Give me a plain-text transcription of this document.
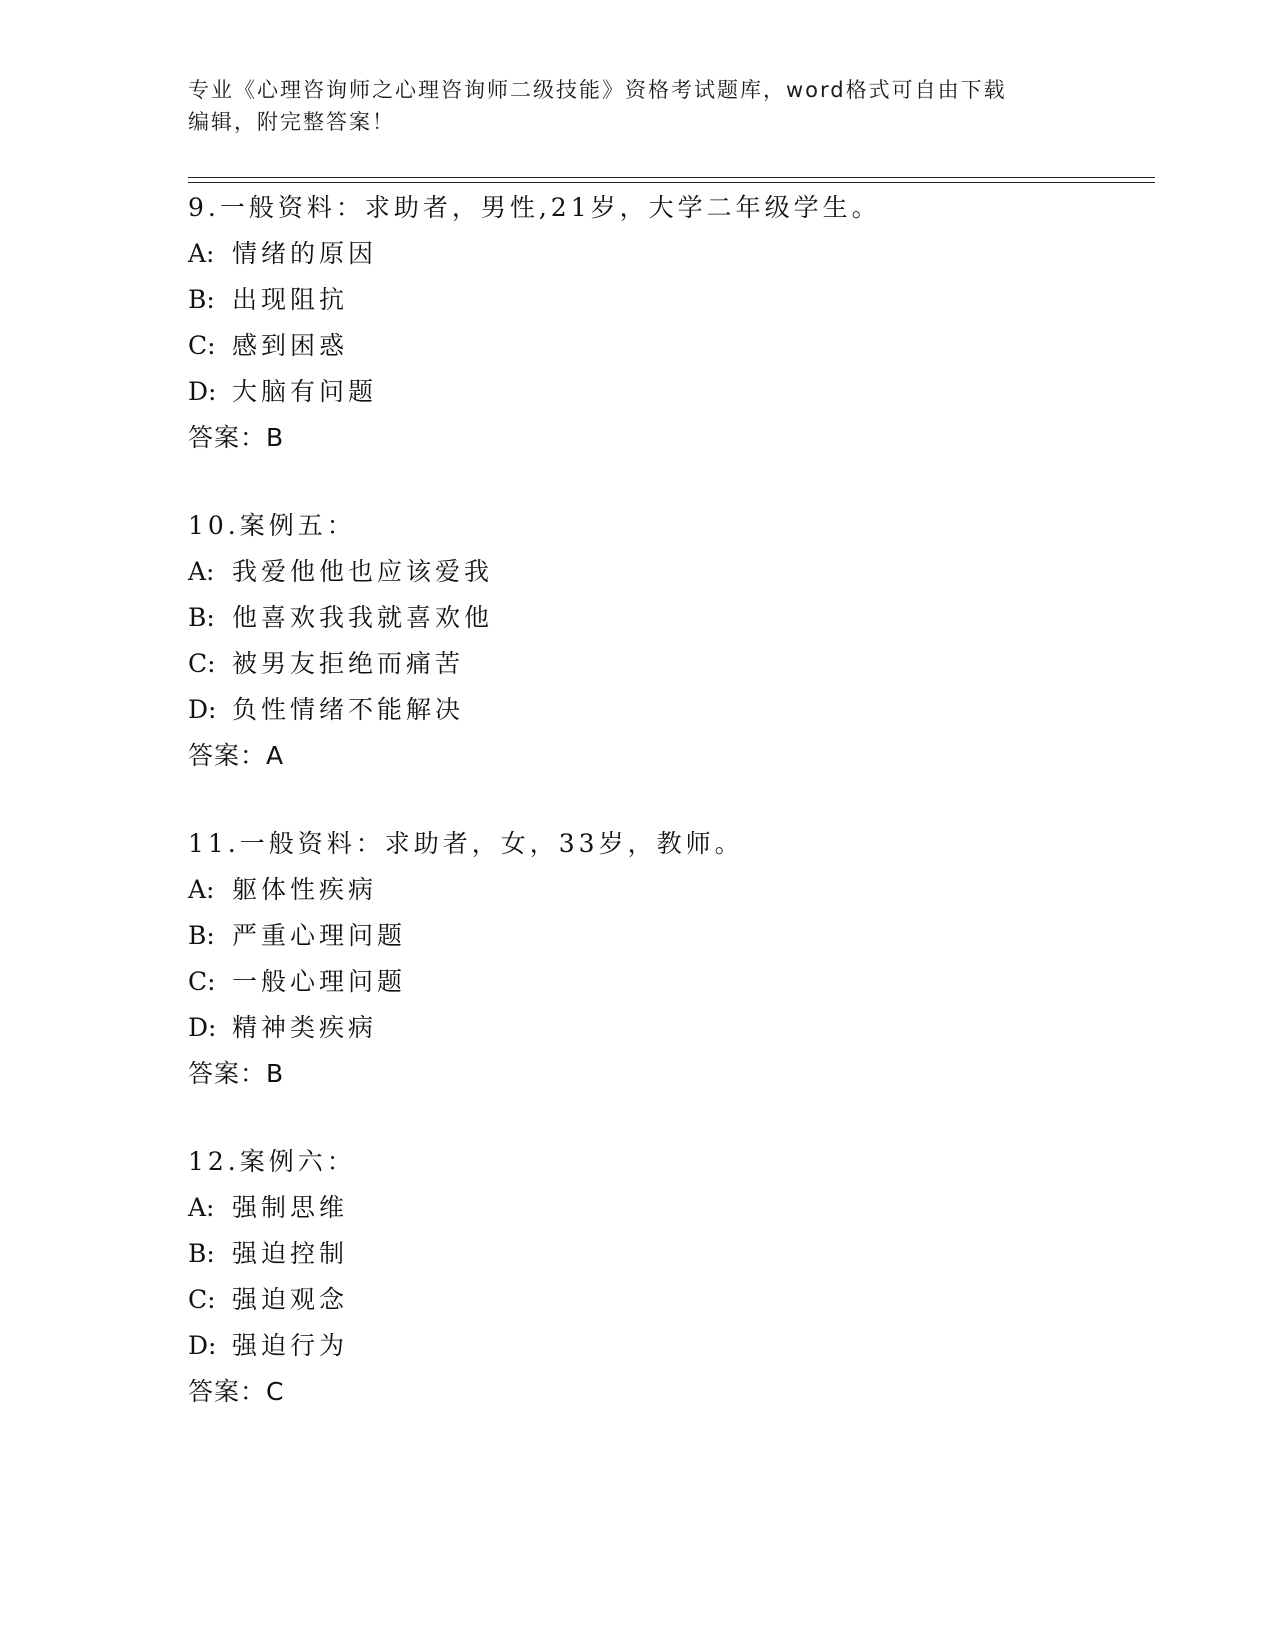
专业《心理咨询师之心理咨询师二级技能》资格考试题库，word格式可自由下载
编辑，附完整答案！
9.一般资料：求助者，男性,21岁，大学二年级学生。
A: 情绪的原因
B: 出现阻抗
C: 感到困惑
D: 大脑有问题
答案：B
10.案例五：
A: 我爱他他也应该爱我
B: 他喜欢我我就喜欢他
C: 被男友拒绝而痛苦
D: 负性情绪不能解决
答案：A
11.一般资料：求助者，女，33岁，教师。
A: 躯体性疾病
B: 严重心理问题
C: 一般心理问题
D: 精神类疾病
答案：B
12.案例六：
A: 强制思维
B: 强迫控制
C: 强迫观念
D: 强迫行为
答案：C
